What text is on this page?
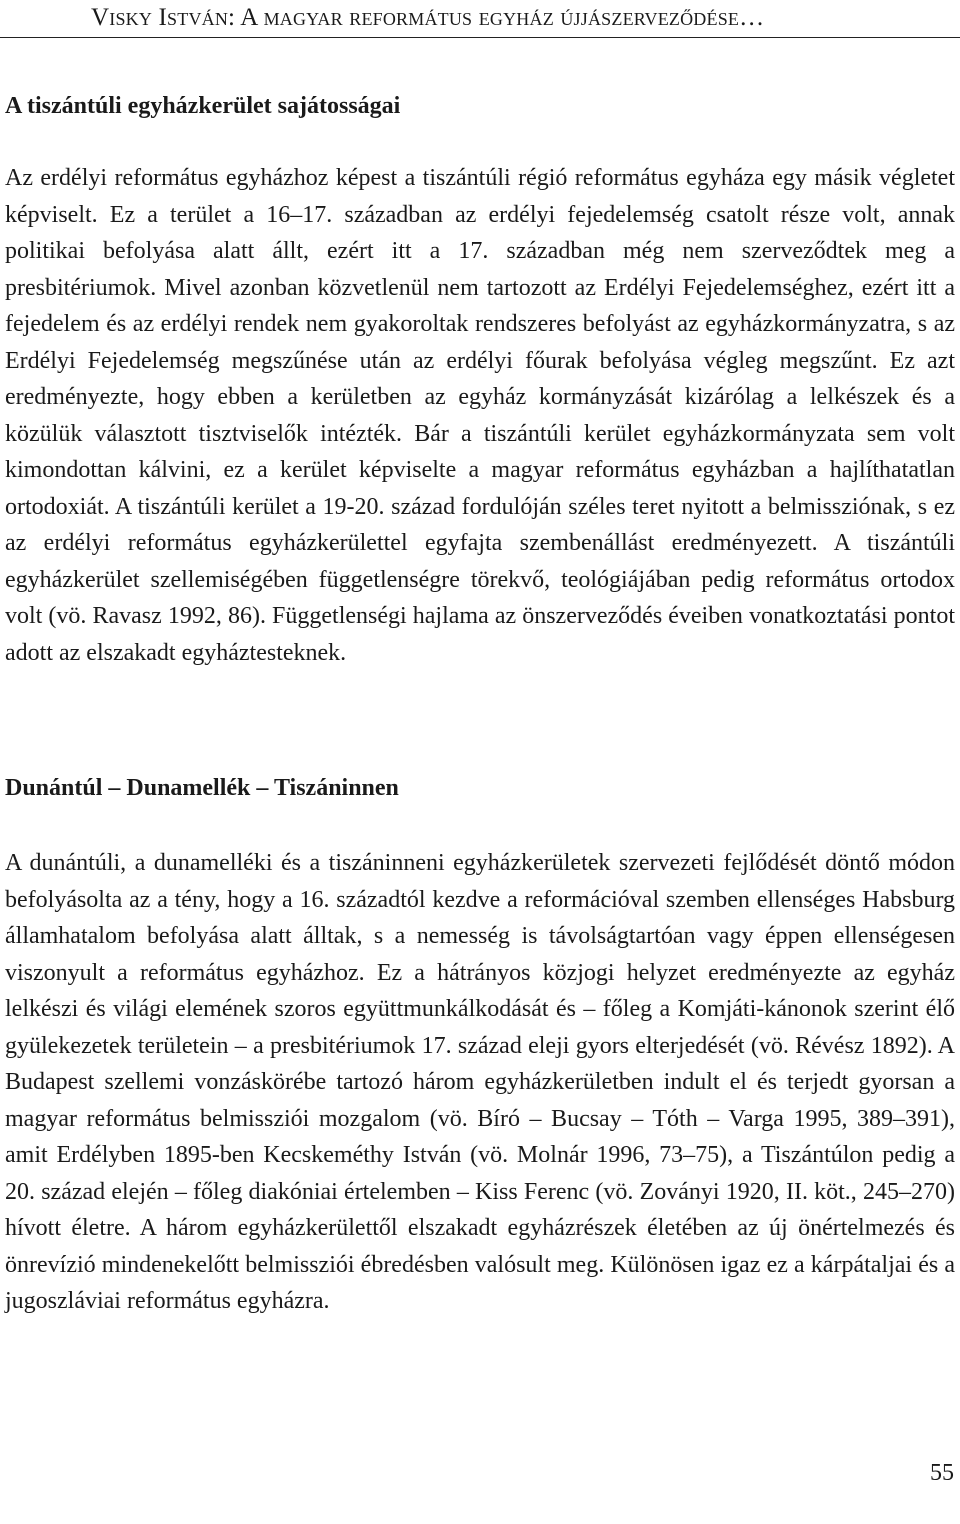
Visky István: A magyar református egyház újjászerveződése…
A tiszántúli egyházkerület sajátosságai

Az erdélyi református egyházhoz képest a tiszántúli régió református egyháza egy másik végletet képviselt. Ez a terület a 16–17. században az erdélyi fejedelemség csatolt része volt, annak politikai befolyása alatt állt, ezért itt a 17. században még nem szerveződtek meg a presbitériumok. Mivel azonban közvetlenül nem tartozott az Erdélyi Fejedelemséghez, ezért itt a fejedelem és az erdélyi rendek nem gyakoroltak rendszeres befolyást az egyházkormányzatra, s az Erdélyi Fejedelemség megszűnése után az erdélyi főurak befolyása végleg megszűnt. Ez azt eredményezte, hogy ebben a kerületben az egyház kormányzását kizárólag a lelkészek és a közülük választott tisztviselők intézték. Bár a tiszántúli kerület egyházkormányzata sem volt kimondottan kálvini, ez a kerület képviselte a magyar református egyházban a hajlíthatatlan ortodoxiát. A tiszántúli kerület a 19-20. század fordulóján széles teret nyitott a belmissziónak, s ez az erdélyi református egyházkerülettel egyfajta szembenállást eredményezett. A tiszántúli egyházkerület szellemiségében függetlenségre törekvő, teológiájában pedig református ortodox volt (vö. Ravasz 1992, 86). Függetlenségi hajlama az önszerveződés éveiben vonatkoztatási pontot adott az elszakadt egyháztesteknek.

Dunántúl – Dunamellék – Tiszáninnen

A dunántúli, a dunamelléki és a tiszáninneni egyházkerületek szervezeti fejlődését döntő módon befolyásolta az a tény, hogy a 16. századtól kezdve a reformációval szemben ellenséges Habsburg államhatalom befolyása alatt álltak, s a nemesség is távolságtartóan vagy éppen ellenségesen viszonyult a református egyházhoz. Ez a hátrányos közjogi helyzet eredményezte az egyház lelkészi és világi elemének szoros együttmunkálkodását és – főleg a Komjáti-kánonok szerint élő gyülekezetek területein – a presbitériumok 17. század eleji gyors elterjedését (vö. Révész 1892). A Budapest szellemi vonzáskörébe tartozó három egyházkerületben indult el és terjedt gyorsan a magyar református belmissziói mozgalom (vö. Bíró – Bucsay – Tóth – Varga 1995, 389–391), amit Erdélyben 1895-ben Kecskeméthy István (vö. Molnár 1996, 73–75), a Tiszántúlon pedig a 20. század elején – főleg diakóniai értelemben – Kiss Ferenc (vö. Zoványi 1920, II. köt., 245–270) hívott életre. A három egyházkerülettől elszakadt egyházrészek életében az új önértelmezés és önrevízió mindenekelőtt belmissziói ébredésben valósult meg. Különösen igaz ez a kárpátaljai és a jugoszláviai református egyházra.

55
